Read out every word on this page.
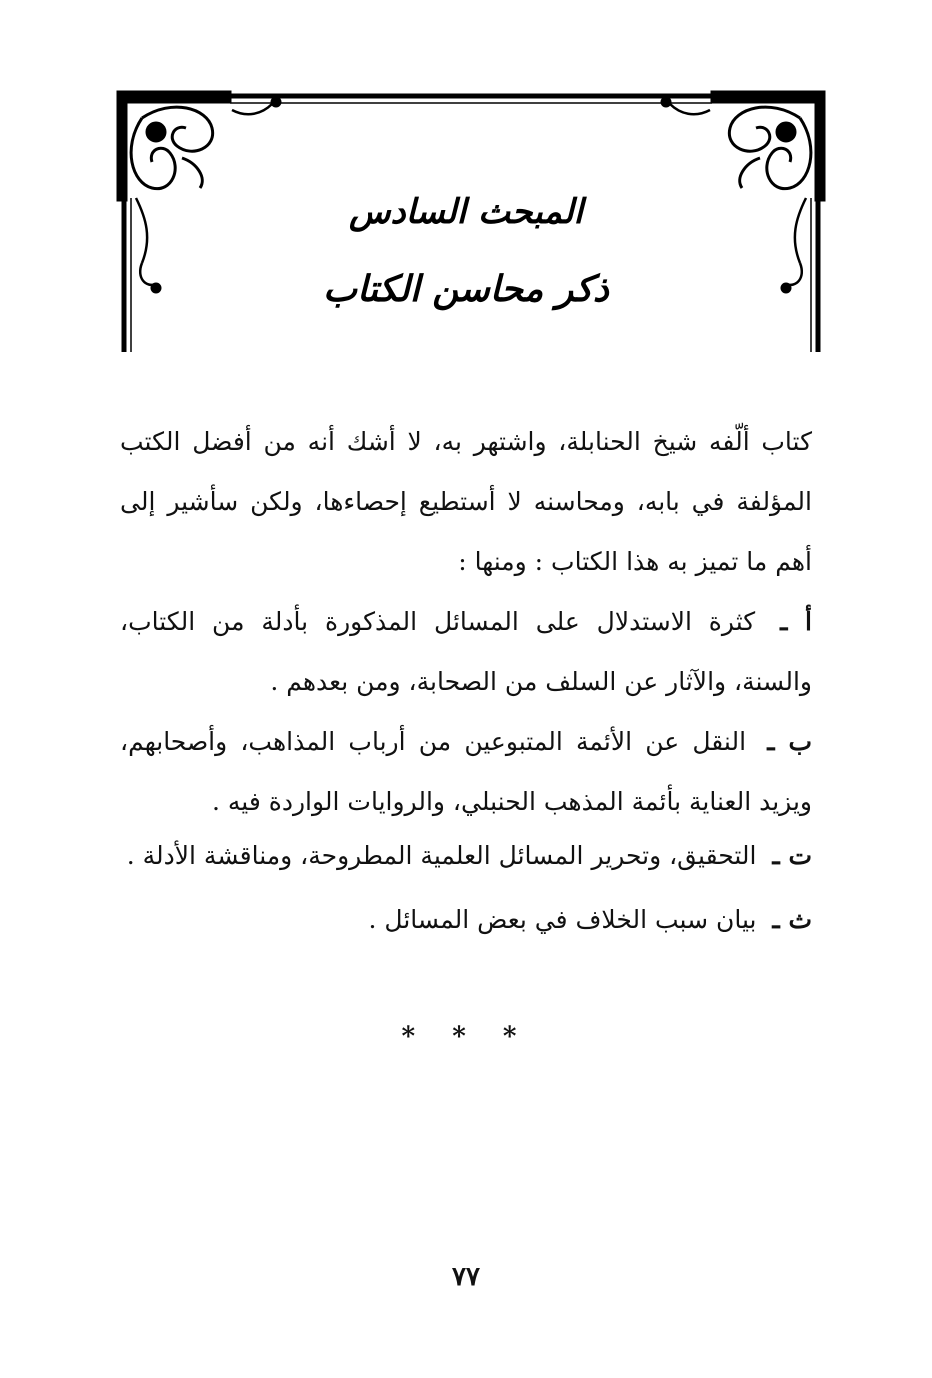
المبحث السادس
ذكر محاسن الكتاب
كتاب ألّفه شيخ الحنابلة، واشتهر به، لا أشك أنه من أفضل الكتب المؤلفة في بابه، ومحاسنه لا أستطيع إحصاءها، ولكن سأشير إلى أهم ما تميز به هذا الكتاب : ومنها :
أ ـ كثرة الاستدلال على المسائل المذكورة بأدلة من الكتاب، والسنة، والآثار عن السلف من الصحابة، ومن بعدهم .
ب ـ النقل عن الأئمة المتبوعين من أرباب المذاهب، وأصحابهم، ويزيد العناية بأئمة المذهب الحنبلي، والروايات الواردة فيه .
ت ـ التحقيق، وتحرير المسائل العلمية المطروحة، ومناقشة الأدلة .
ث ـ بيان سبب الخلاف في بعض المسائل .
* * *
٧٧
